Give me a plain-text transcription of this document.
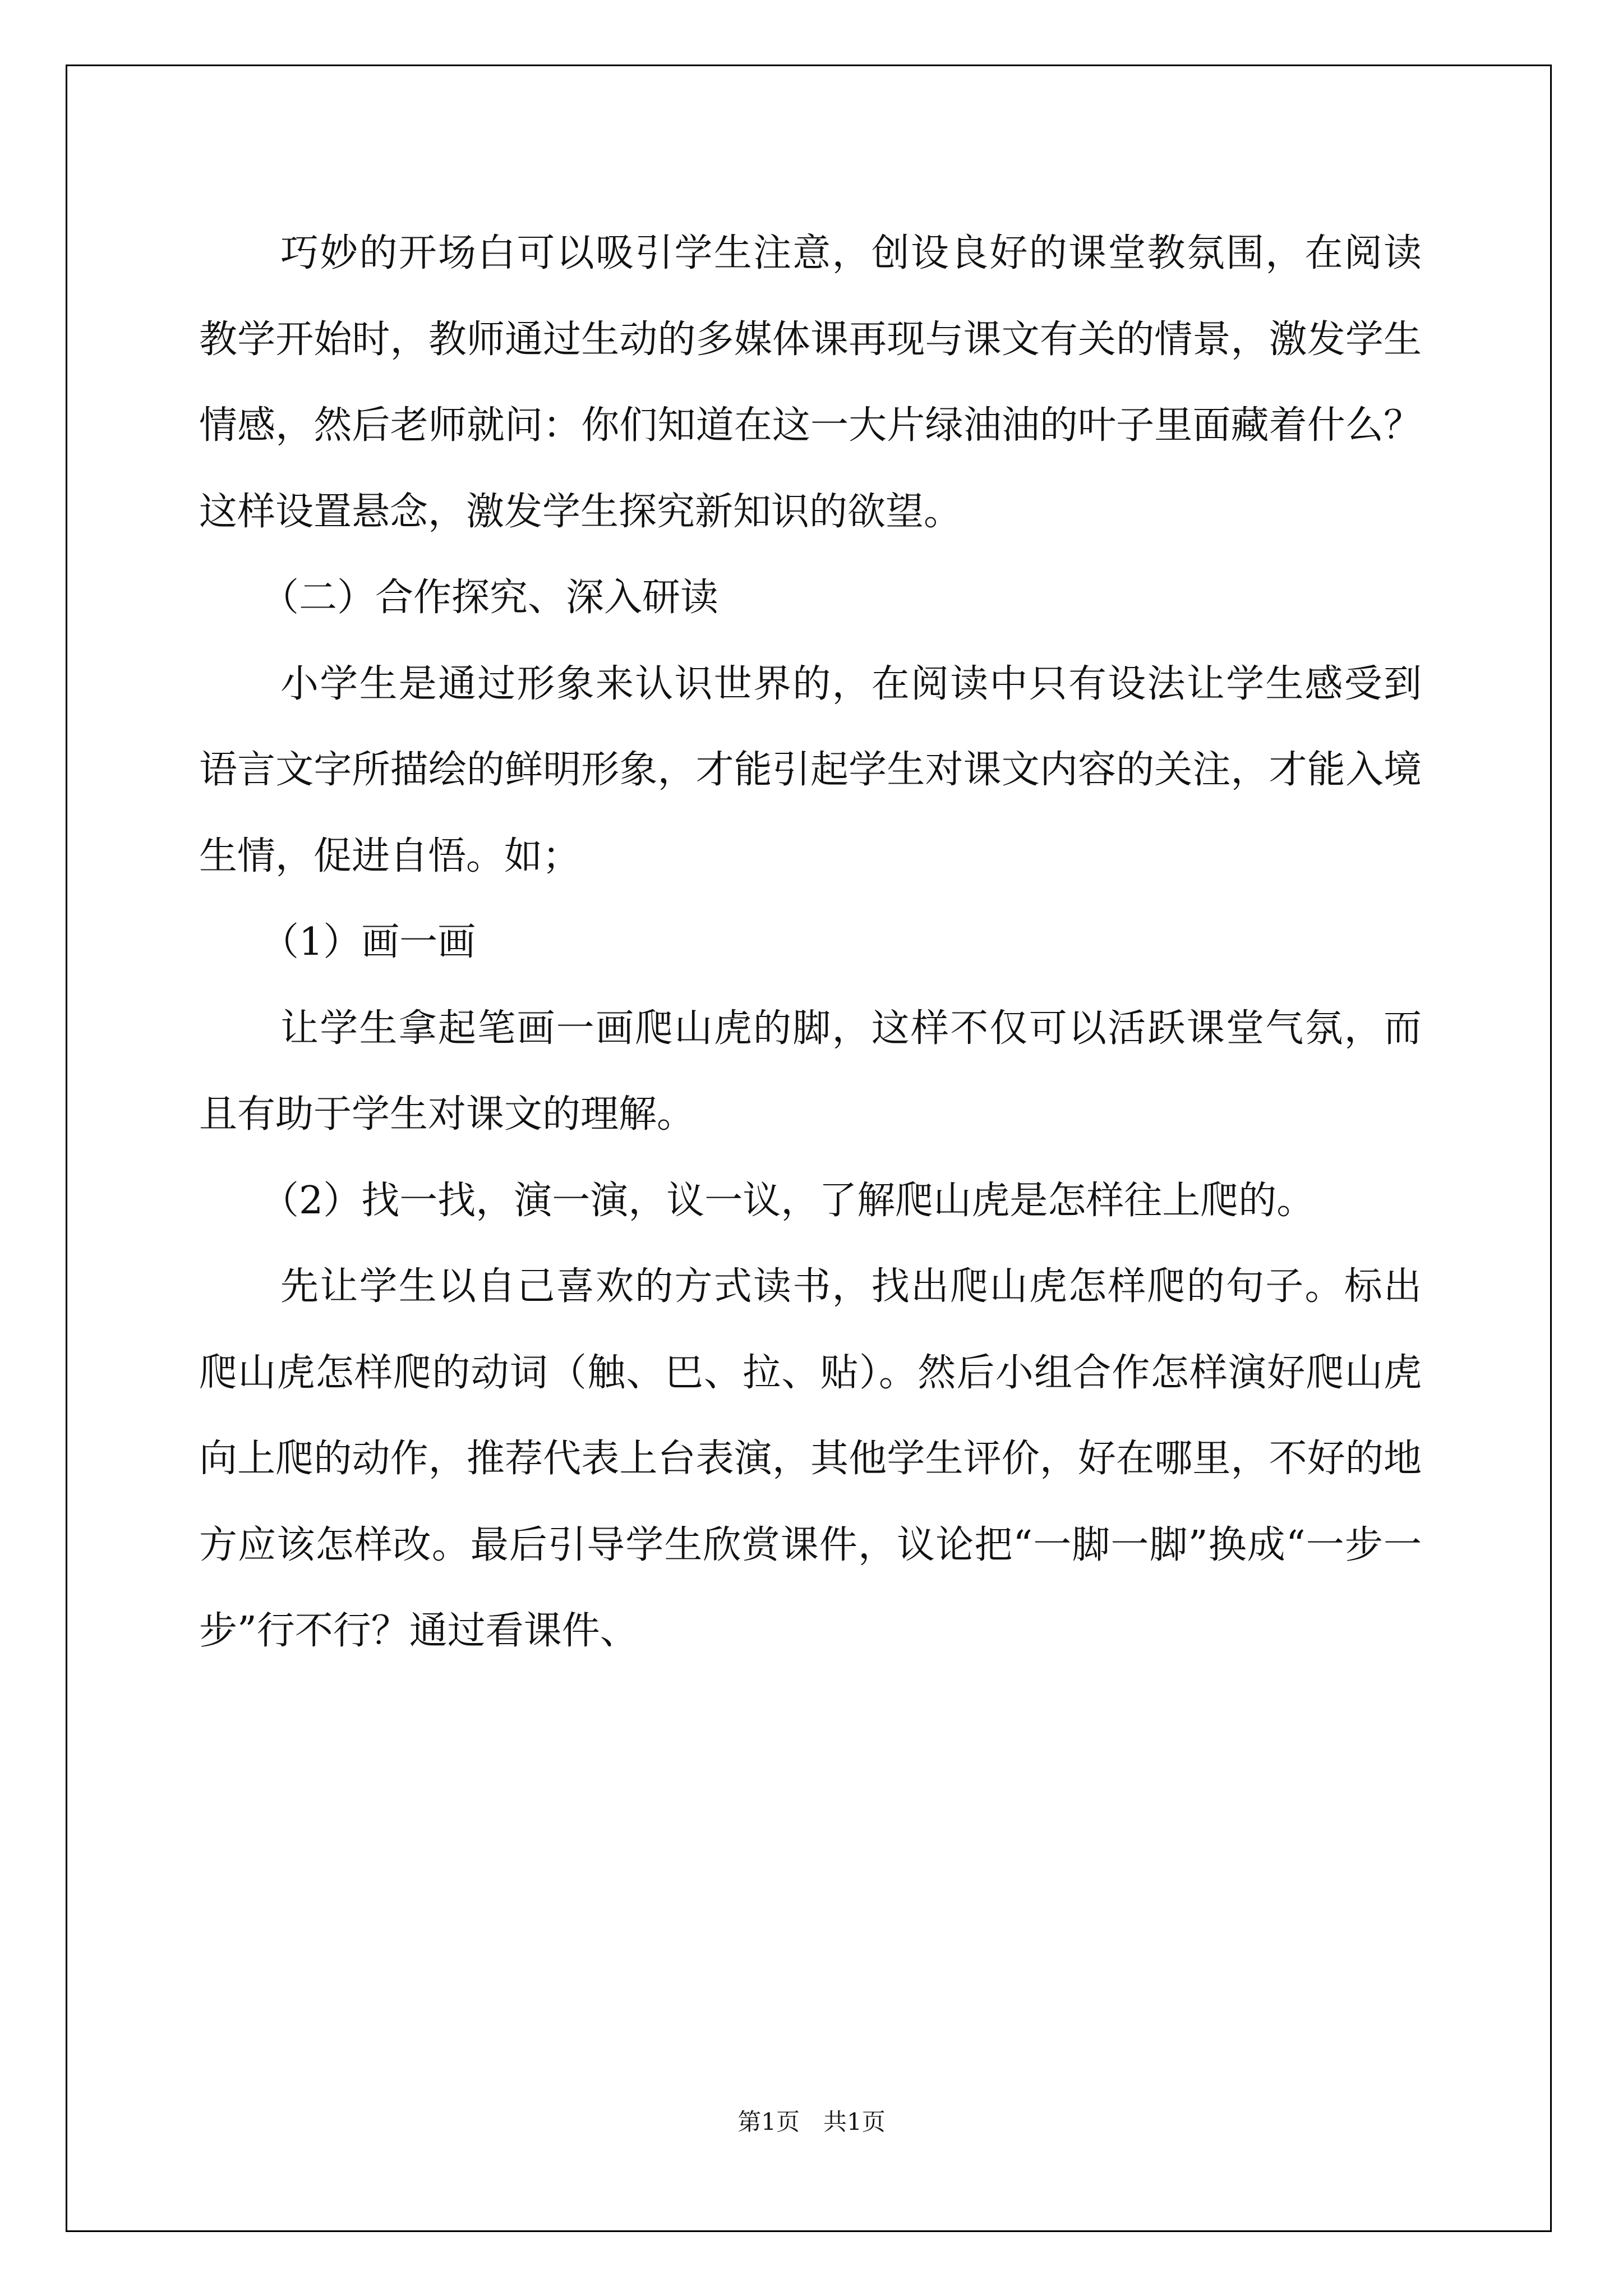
巧妙的开场白可以吸引学生注意，创设良好的课堂教氛围，在阅读教学开始时，教师通过生动的多媒体课再现与课文有关的情景，激发学生情感，然后老师就问：你们知道在这一大片绿油油的叶子里面藏着什么？这样设置悬念，激发学生探究新知识的欲望。

（二）合作探究、深入研读

小学生是通过形象来认识世界的，在阅读中只有设法让学生感受到语言文字所描绘的鲜明形象，才能引起学生对课文内容的关注，才能入境生情，促进自悟。如；

（1）画一画

让学生拿起笔画一画爬山虎的脚，这样不仅可以活跃课堂气氛，而且有助于学生对课文的理解。

（2）找一找，演一演，议一议，了解爬山虎是怎样往上爬的。

先让学生以自己喜欢的方式读书，找出爬山虎怎样爬的句子。标出爬山虎怎样爬的动词（触、巴、拉、贴）。然后小组合作怎样演好爬山虎向上爬的动作，推荐代表上台表演，其他学生评价，好在哪里，不好的地方应该怎样改。最后引导学生欣赏课件，议论把“一脚一脚”换成“一步一步”行不行？通过看课件、

第1页　共1页
